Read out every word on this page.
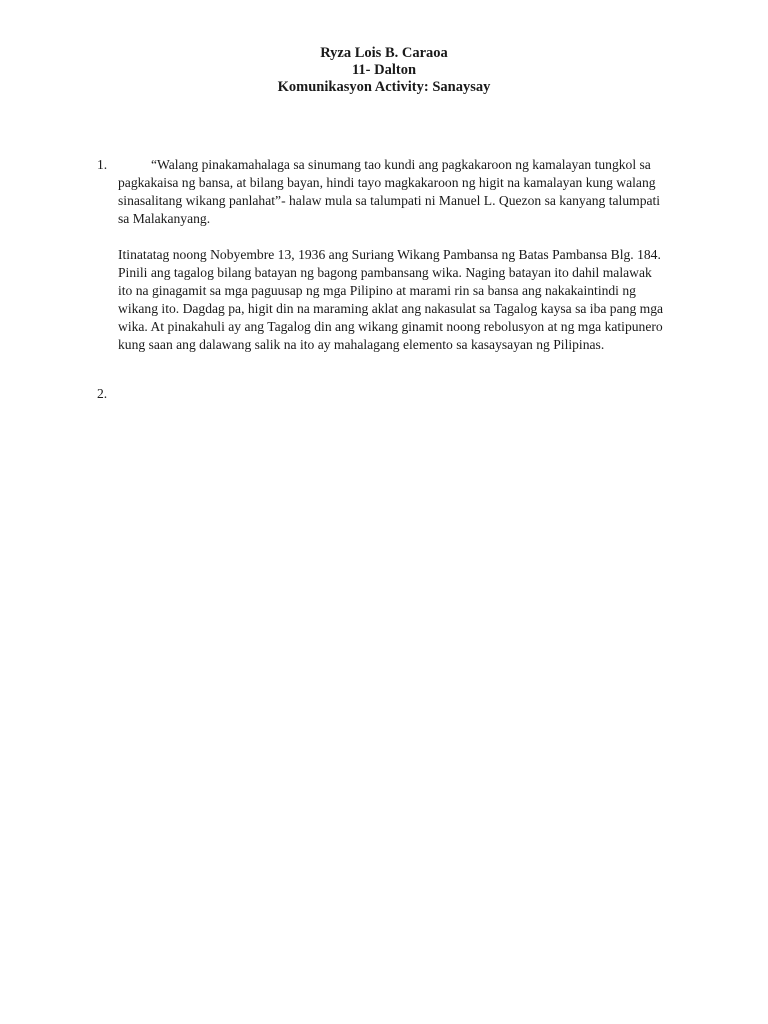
Ryza Lois B. Caraoa
11- Dalton
Komunikasyon Activity: Sanaysay
1.	“Walang pinakamahalaga sa sinumang tao kundi ang pagkakaroon ng kamalayan tungkol sa
pagkakaisa ng bansa, at bilang bayan, hindi tayo magkakaroon ng higit na kamalayan kung walang
sinasalitang wikang panlahat”- halaw mula sa talumpati ni Manuel L. Quezon sa kanyang talumpati
sa Malakanyang.

Itinatatag noong Nobyembre 13, 1936 ang Suriang Wikang Pambansa ng Batas Pambansa Blg. 184.
Pinili ang tagalog bilang batayan ng bagong pambansang wika. Naging batayan ito dahil malawak
ito na ginagamit sa mga paguusap ng mga Pilipino at marami rin sa bansa ang nakakaintindi ng
wikang ito. Dagdag pa, higit din na maraming aklat ang nakasulat sa Tagalog kaysa sa iba pang mga
wika. At pinakahuli ay ang Tagalog din ang wikang ginamit noong rebolusyon at ng mga katipunero
kung saan ang dalawang salik na ito ay mahalagang elemento sa kasaysayan ng Pilipinas.

2.
